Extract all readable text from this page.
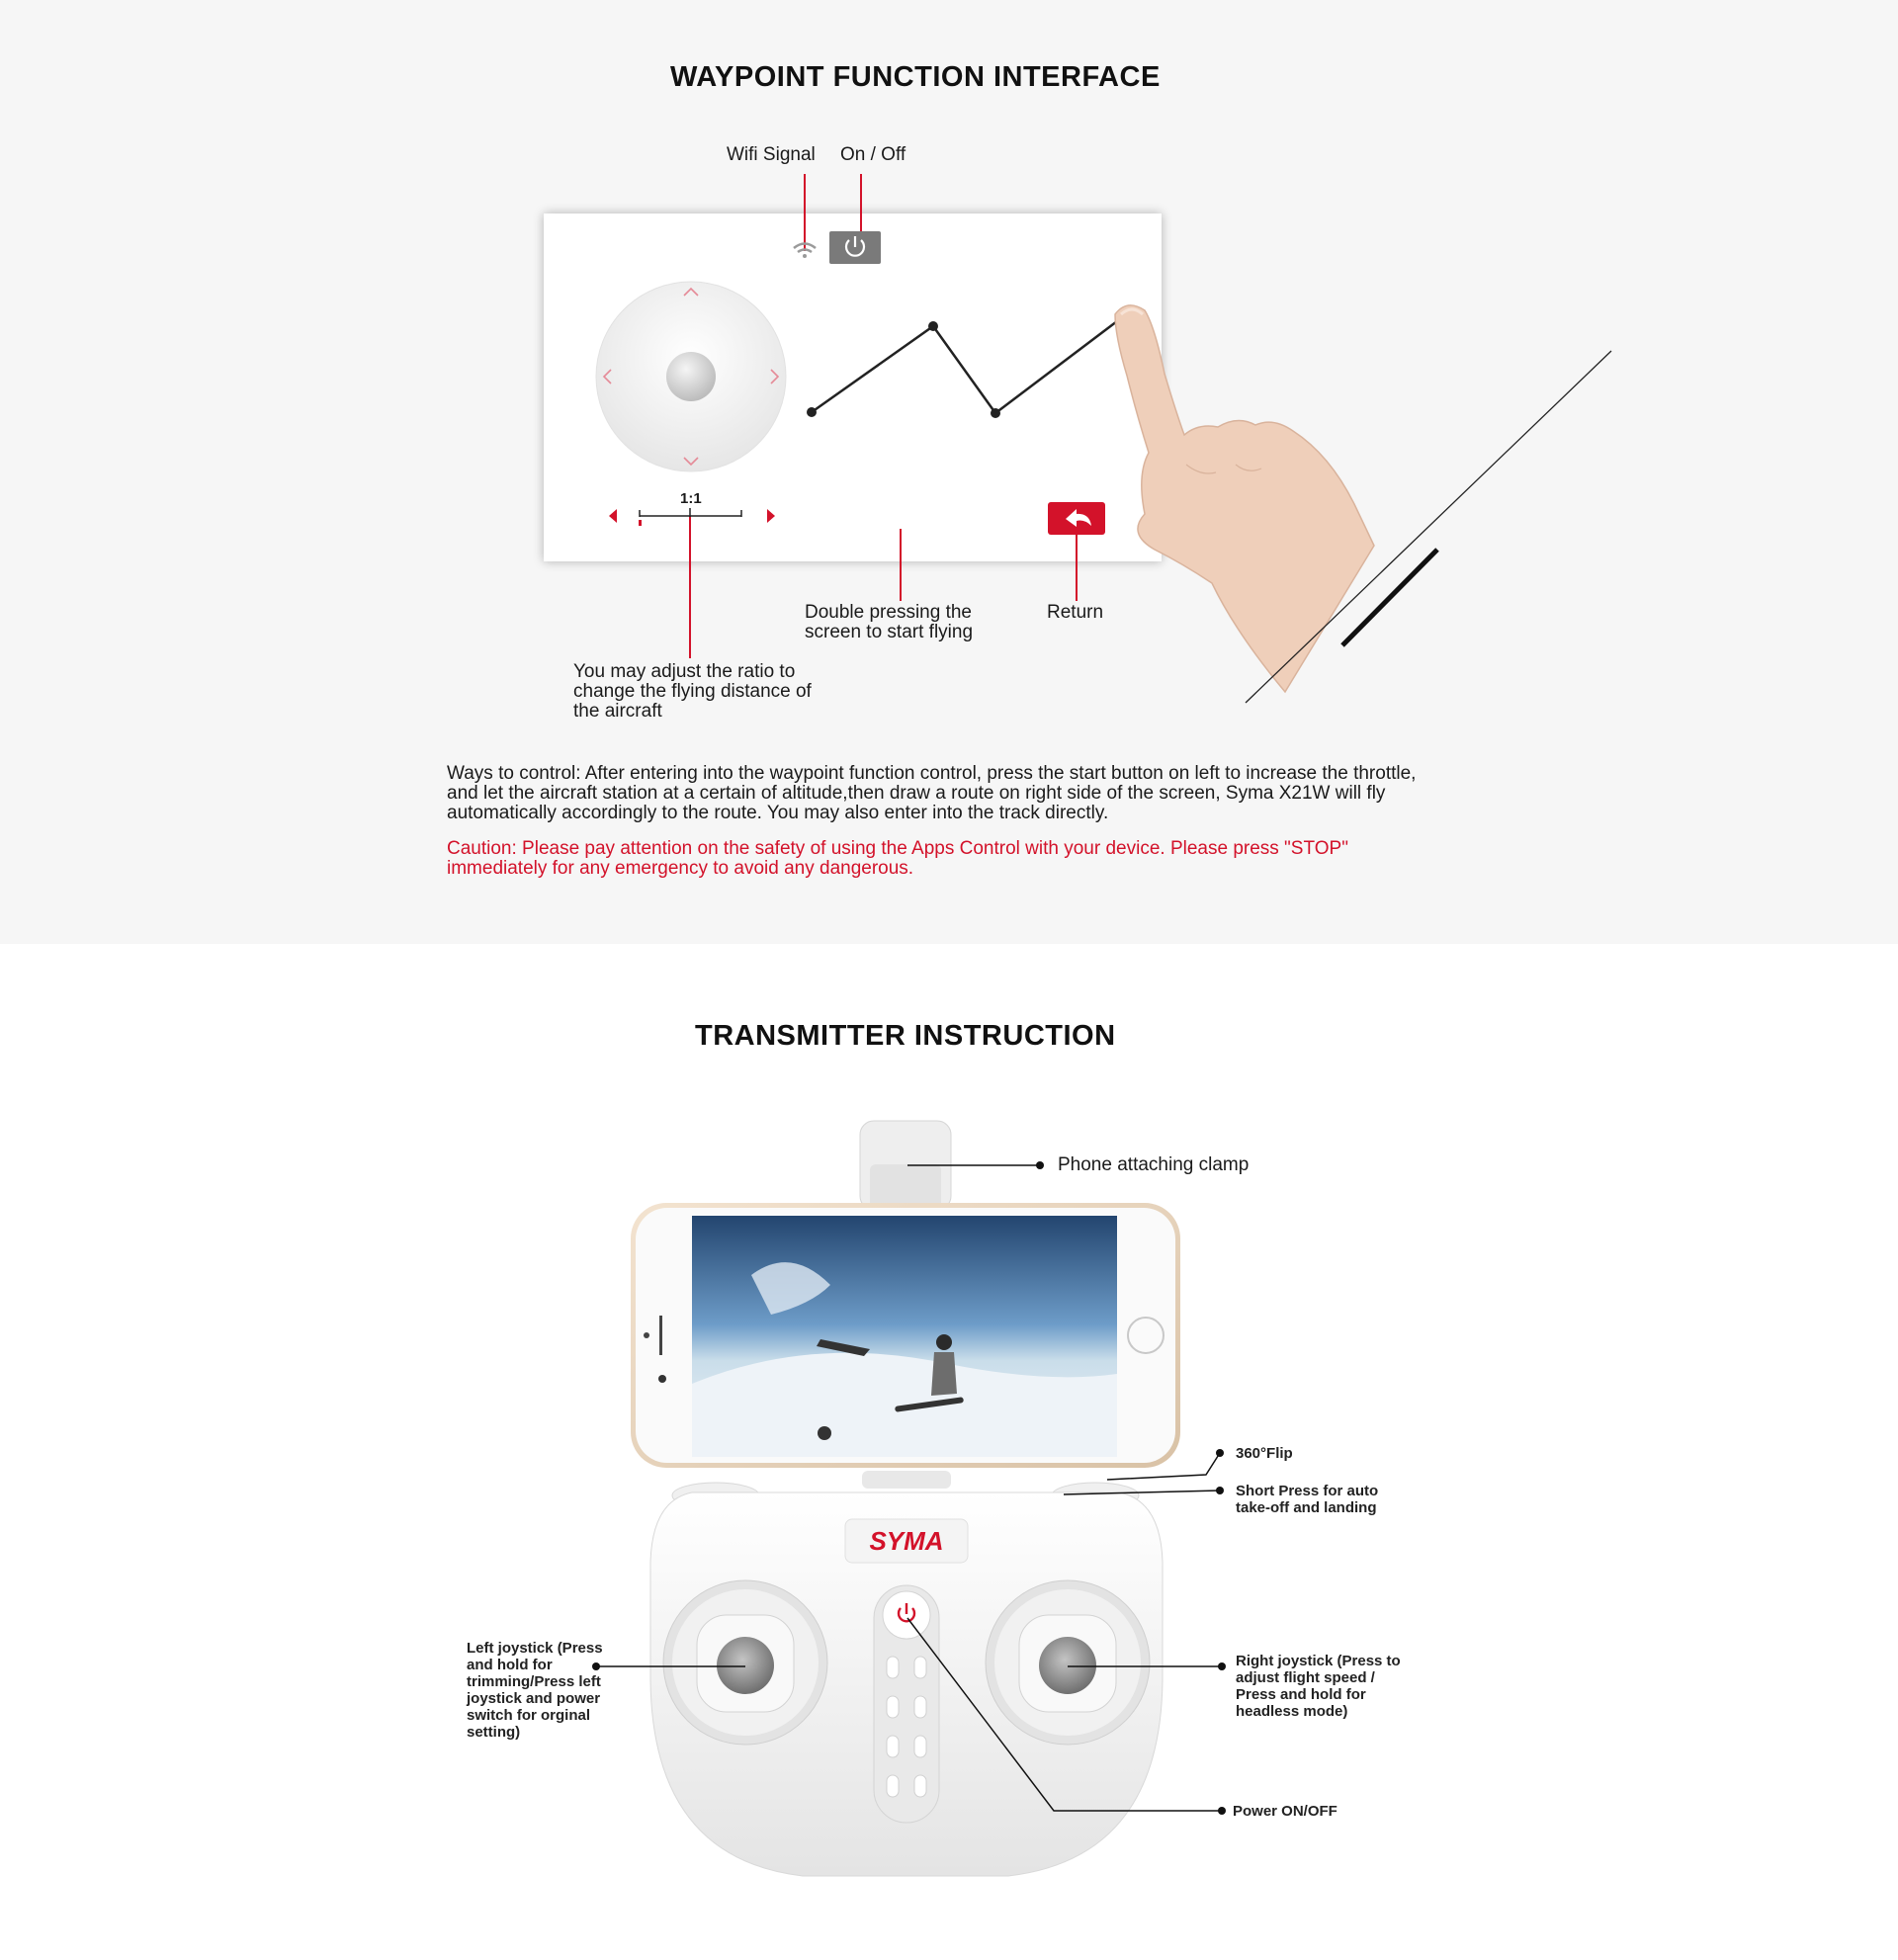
WAYPOINT FUNCTION INTERFACE
Wifi Signal On / Off
1:1
Double pressing the screen to start flying
Return
You may adjust the ratio to change the flying distance of the aircraft
Ways to control: After entering into the waypoint function control, press the start button on left to increase the throttle, and let the aircraft station at a certain of altitude,then draw a route on right side of the screen, Syma X21W will fly automatically accordingly to the route. You may also enter into the track directly.
Caution: Please pay attention on the safety of using the Apps Control with your device. Please press "STOP" immediately for any emergency to avoid any dangerous.
TRANSMITTER INSTRUCTION
SYMA
Phone attaching clamp
360°Flip
Short Press for auto take-off and landing
Left joystick (Press and hold for trimming/Press left joystick and power switch for orginal setting)
Right joystick (Press to adjust flight speed / Press and hold for headless mode)
Power ON/OFF
